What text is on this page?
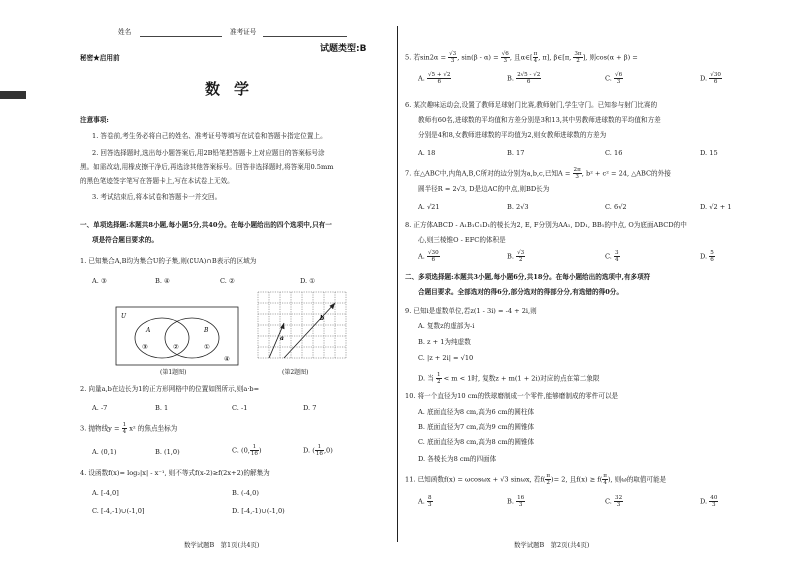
姓名	准考证号
试题类型:B
秘密★启用前
数学
注意事项:
1. 答卷前,考生务必将自己的姓名、准考证号等填写在试卷和答题卡指定位置上。
2. 回答选择题时,选出每小题答案后,用2B铅笔把答题卡上对应题目的答案标号涂
黑。如需改动,用橡皮擦干净后,再选涂其他答案标号。回答非选择题时,将答案用0.5mm
的黑色笔迹签字笔写在答题卡上,写在本试卷上无效。
3. 考试结束后,将本试卷和答题卡一并交回。
一、单项选择题:本题共8小题,每小题5分,共40分。在每小题给出的四个选项中,只有一
项是符合题目要求的。
1. 已知集合A,B均为集合U的子集,则(∁UA)∩B表示的区域为
A. ③	B. ④	C. ②	D. ①
U
A	B
③	②	①
④
(第1题图)
a
b
(第2题图)
2. 向量a,b在边长为1的正方形网格中的位置如图所示,则a·b=
A. -7	B. 1	C. -1	D. 7
3. 抛物线$y = \frac{1}{4} x^2$ 的焦点坐标为
A. (0,1)	B. (1,0)	C. (0, $\frac{1}{16}$ )	D. ( $\frac{1}{16} ,0$)
4. 设函数f(x)= log₂|x| - x⁻¹, 则不等式f(x-2)≥f(2x+2)的解集为
A. [-4,0]	B. (-4,0)
C. [-4,-1)∪(-1,0]	D. [-4,-1)∪(-1,0)
数学试题B　第1页(共4页)
5. 若$\sin 2\alpha = \frac{√3}{3}$ , $\sin(\beta - \alpha) = \frac{√6}{3}$ , 且α∈[ $\frac{\pi}{4}$ , π], β∈[π, $\frac{3\pi}{2}$ ], 则cos(α + β) =
A. $\frac{√5 + √2}{6}$	B. $\frac{2√5 - √2}{6}$	C. $\frac{√6}{3}$	D. $\frac{√30}{6}$
6. 某次趣味运动会,设置了教师足球射门比赛,教师射门,学生守门。已知参与射门比赛的
教师有60名,进球数的平均值和方差分别是3和13,其中男教师进球数的平均值和方差
分别是4和8,女教师进球数的平均值为2,则女教师进球数的方差为
A. 18	B. 17	C. 16	D. 15
7. 在△ABC中,内角A,B,C所对的边分别为a,b,c,已知$A = \frac{2\pi}{3}$ , b² + c² = 24, △ABC的外接
圆半径R = 2√3, D是边AC的中点,则BD长为
A. √21	B. 2√3	C. 6√2	D. √2 + 1
8. 正方体ABCD - A₁B₁C₁D₁的棱长为2, E, F分别为AA₁, DD₁, BB₁的中点, O为底面ABCD的中
心,则三棱锥O - EFC的体积是
A. $\frac{√30}{6}$	B. $\frac{√3}{2}$	C. $\frac{3}{4}$	D. $\frac{5}{6}$
二、多项选择题:本题共3小题,每小题6分,共18分。在每小题给出的选项中,有多项符
合题目要求。全部选对的得6分,部分选对的得部分分,有选错的得0分。
9. 已知i是虚数单位,若z(1 - 3i) = -4 + 2i,则
A. 复数z的虚部为-i
B. z + 1为纯虚数
C. |z + 2i| = √10
D. 当 $\frac{1}{2} < m < 1$时, 复数z + m(1 + 2i)对应的点在第二象限
10. 将一个直径为10 cm的铁球磨制成一个零件,能够磨制成的零件可以是
A. 底面直径为8 cm,高为6 cm的圆柱体
B. 底面直径为7 cm,高为9 cm的圆锥体
C. 底面直径为8 cm,高为8 cm的圆锥体
D. 各棱长为8 cm的四面体
11. 已知函数f(x) = ωcosωx + √3 sinωx, 若$f( \frac{\pi}{2}$ )= 2, 且$f(x) \ge f( \frac{\pi}{4}$ ), 则ω的取值可能是
A. $\frac{8}{3}$	B. $\frac{16}{3}$	C. $\frac{32}{3}$	D. $\frac{40}{3}$
数学试题B　第2页(共4页)
